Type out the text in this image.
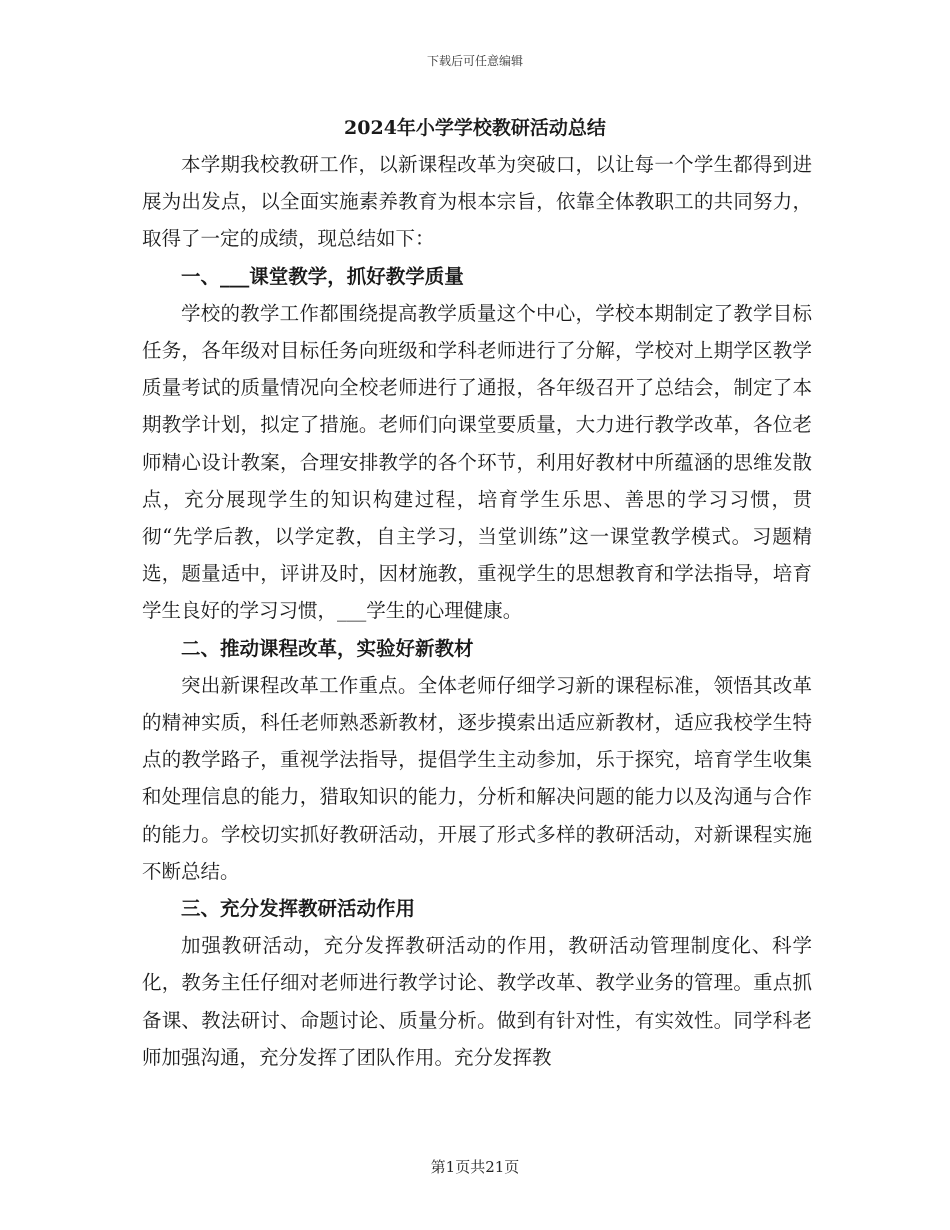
下载后可任意编辑
2024年小学学校教研活动总结

本学期我校教研工作，以新课程改革为突破口，以让每一个学生都得到进展为出发点，以全面实施素养教育为根本宗旨，依靠全体教职工的共同努力，取得了一定的成绩，现总结如下：

一、___课堂教学，抓好教学质量

学校的教学工作都围绕提高教学质量这个中心，学校本期制定了教学目标任务，各年级对目标任务向班级和学科老师进行了分解，学校对上期学区教学质量考试的质量情况向全校老师进行了通报，各年级召开了总结会，制定了本期教学计划，拟定了措施。老师们向课堂要质量，大力进行教学改革，各位老师精心设计教案，合理安排教学的各个环节，利用好教材中所蕴涵的思维发散点，充分展现学生的知识构建过程，培育学生乐思、善思的学习习惯，贯彻“先学后教，以学定教，自主学习，当堂训练”这一课堂教学模式。习题精选，题量适中，评讲及时，因材施教，重视学生的思想教育和学法指导，培育学生良好的学习习惯，___学生的心理健康。

二、推动课程改革，实验好新教材

突出新课程改革工作重点。全体老师仔细学习新的课程标准，领悟其改革的精神实质，科任老师熟悉新教材，逐步摸索出适应新教材，适应我校学生特点的教学路子，重视学法指导，提倡学生主动参加，乐于探究，培育学生收集和处理信息的能力，猎取知识的能力，分析和解决问题的能力以及沟通与合作的能力。学校切实抓好教研活动，开展了形式多样的教研活动，对新课程实施不断总结。

三、充分发挥教研活动作用

加强教研活动，充分发挥教研活动的作用，教研活动管理制度化、科学化，教务主任仔细对老师进行教学讨论、教学改革、教学业务的管理。重点抓备课、教法研讨、命题讨论、质量分析。做到有针对性，有实效性。同学科老师加强沟通，充分发挥了团队作用。充分发挥教

第1页共21页
